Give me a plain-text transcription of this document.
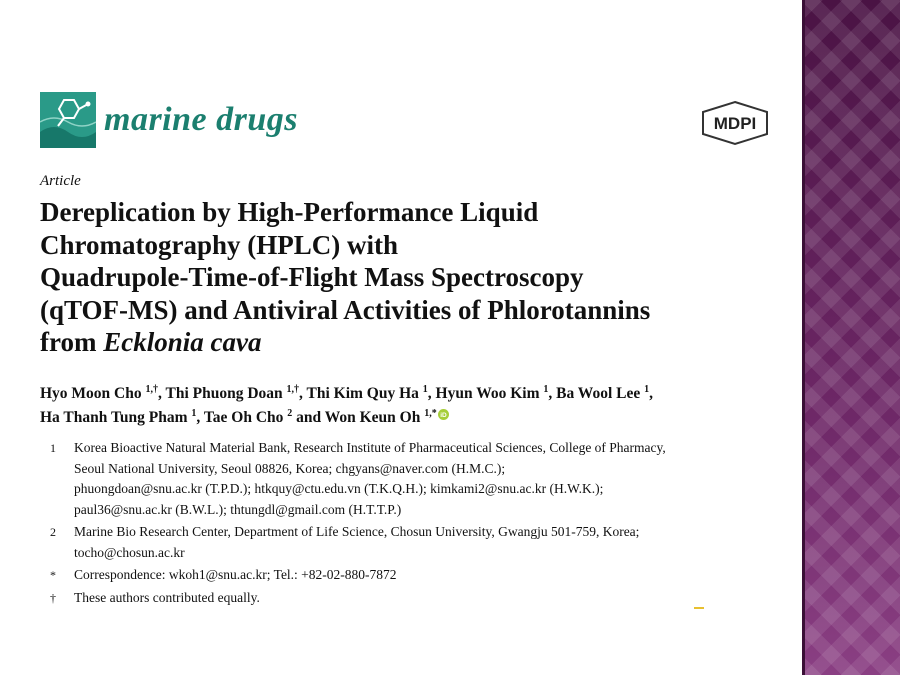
marine drugs	MDPI
Article
Dereplication by High-Performance Liquid
Chromatography (HPLC) with
Quadrupole-Time-of-Flight Mass Spectroscopy
(qTOF-MS) and Antiviral Activities of Phlorotannins
from Ecklonia cava
Hyo Moon Cho $^{1,\dagger}$, Thi Phuong Doan $^{1,\dagger}$, Thi Kim Quy Ha $^1$, Hyun Woo Kim $^1$, Ba Wool Lee $^1$,
Ha Thanh Tung Pham $^1$, Tae Oh Cho $^2$ and Won Keun Oh $^{1,*}$ iD
1 Korea Bioactive Natural Material Bank, Research Institute of Pharmaceutical Sciences, College of Pharmacy,
Seoul National University, Seoul 08826, Korea; chgyans@naver.com (H.M.C.);
phuongdoan@snu.ac.kr (T.P.D.); htkquy@ctu.edu.vn (T.K.Q.H.); kimkami2@snu.ac.kr (H.W.K.);
paul36@snu.ac.kr (B.W.L.); thtungdl@gmail.com (H.T.T.P.)
2 Marine Bio Research Center, Department of Life Science, Chosun University, Gwangju 501-759, Korea;
tocho@chosun.ac.kr
* Correspondence: wkoh1@snu.ac.kr; Tel.: +82-02-880-7872
† These authors contributed equally.
